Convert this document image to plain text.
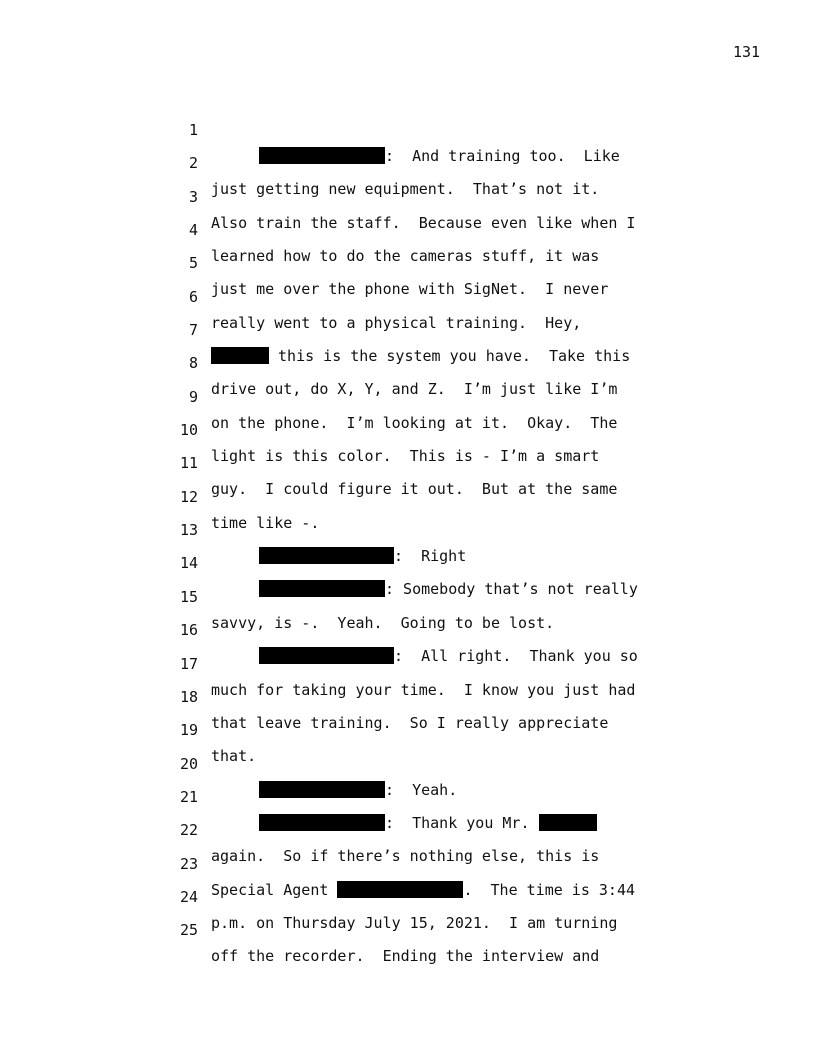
131

1

:  And training too.  Like

2

just getting new equipment.  That’s not it.

3

Also train the staff.  Because even like when I

4

learned how to do the cameras stuff, it was

5

just me over the phone with SigNet.  I never

6

really went to a physical training.  Hey,

7

this is the system you have.  Take this

8

drive out, do X, Y, and Z.  I’m just like I’m

9

on the phone.  I’m looking at it.  Okay.  The

10

light is this color.  This is - I’m a smart

11

guy.  I could figure it out.  But at the same

12

time like -.

13

:  Right

14

: Somebody that’s not really

15

savvy, is -.  Yeah.  Going to be lost.

16

:  All right.  Thank you so

17

much for taking your time.  I know you just had

18

that leave training.  So I really appreciate

19

that.

20

:  Yeah.

21

:  Thank you Mr.

22

again.  So if there’s nothing else, this is

23

Special Agent	.  The time is 3:44

24

p.m. on Thursday July 15, 2021.  I am turning

25

off the recorder.  Ending the interview and
